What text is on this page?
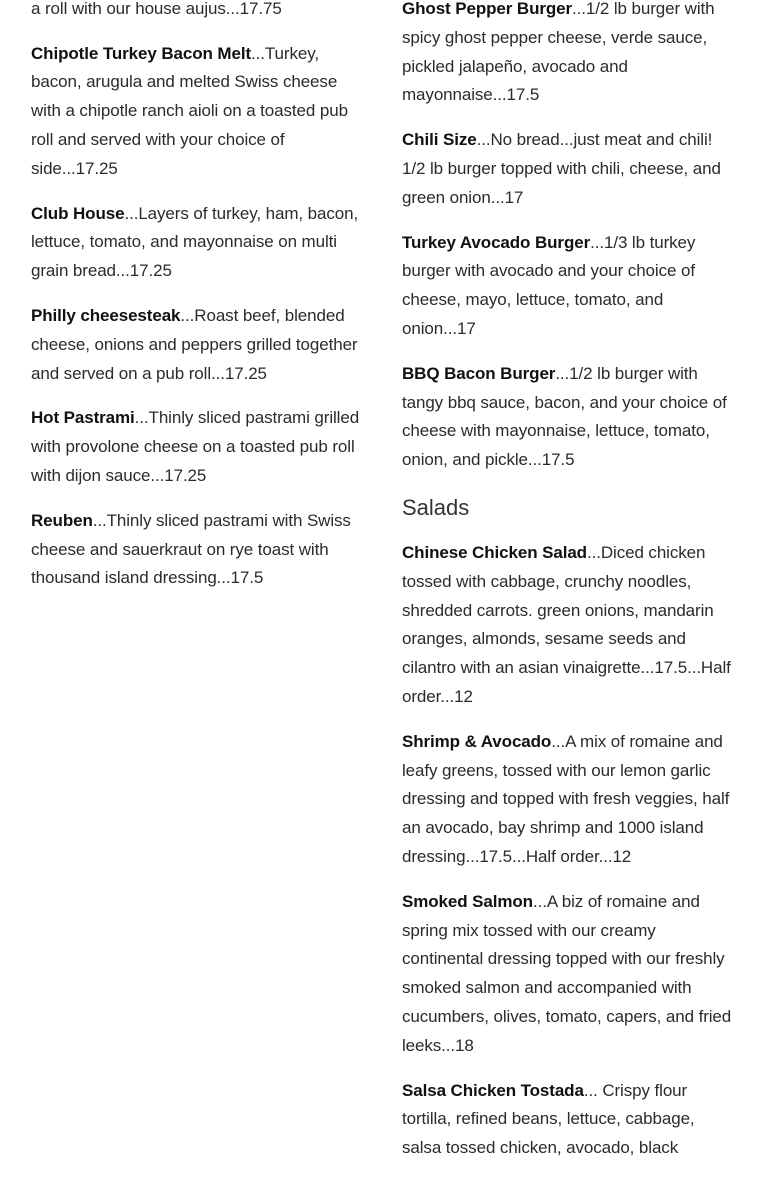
a roll with our house aujus...17.75

Chipotle Turkey Bacon Melt...Turkey, bacon, arugula and melted Swiss cheese with a chipotle ranch aioli on a toasted pub roll and served with your choice of side...17.25

Club House...Layers of turkey, ham, bacon, lettuce, tomato, and mayonnaise on multi grain bread...17.25

Philly cheesesteak...Roast beef, blended cheese, onions and peppers grilled together and served on a pub roll...17.25

Hot Pastrami...Thinly sliced pastrami grilled with provolone cheese on a toasted pub roll with dijon sauce...17.25

Reuben...Thinly sliced pastrami with Swiss cheese and sauerkraut on rye toast with thousand island dressing...17.5

Ghost Pepper Burger...1/2 lb burger with spicy ghost pepper cheese, verde sauce, pickled jalapeño, avocado and mayonnaise...17.5

Chili Size...No bread...just meat and chili! 1/2 lb burger topped with chili, cheese, and green onion...17

Turkey Avocado Burger...1/3 lb turkey burger with avocado and your choice of cheese, mayo, lettuce, tomato, and onion...17

BBQ Bacon Burger...1/2 lb burger with tangy bbq sauce, bacon, and your choice of cheese with mayonnaise, lettuce, tomato, onion, and pickle...17.5

Salads

Chinese Chicken Salad...Diced chicken tossed with cabbage, crunchy noodles, shredded carrots. green onions, mandarin oranges, almonds, sesame seeds and cilantro with an asian vinaigrette...17.5...Half order...12

Shrimp & Avocado...A mix of romaine and leafy greens, tossed with our lemon garlic dressing and topped with fresh veggies, half an avocado, bay shrimp and 1000 island dressing...17.5...Half order...12

Smoked Salmon...A biz of romaine and spring mix tossed with our creamy continental dressing topped with our freshly smoked salmon and accompanied with cucumbers, olives, tomato, capers, and fried leeks...18

Salsa Chicken Tostada... Crispy flour tortilla, refined beans, lettuce, cabbage, salsa tossed chicken, avocado, black
